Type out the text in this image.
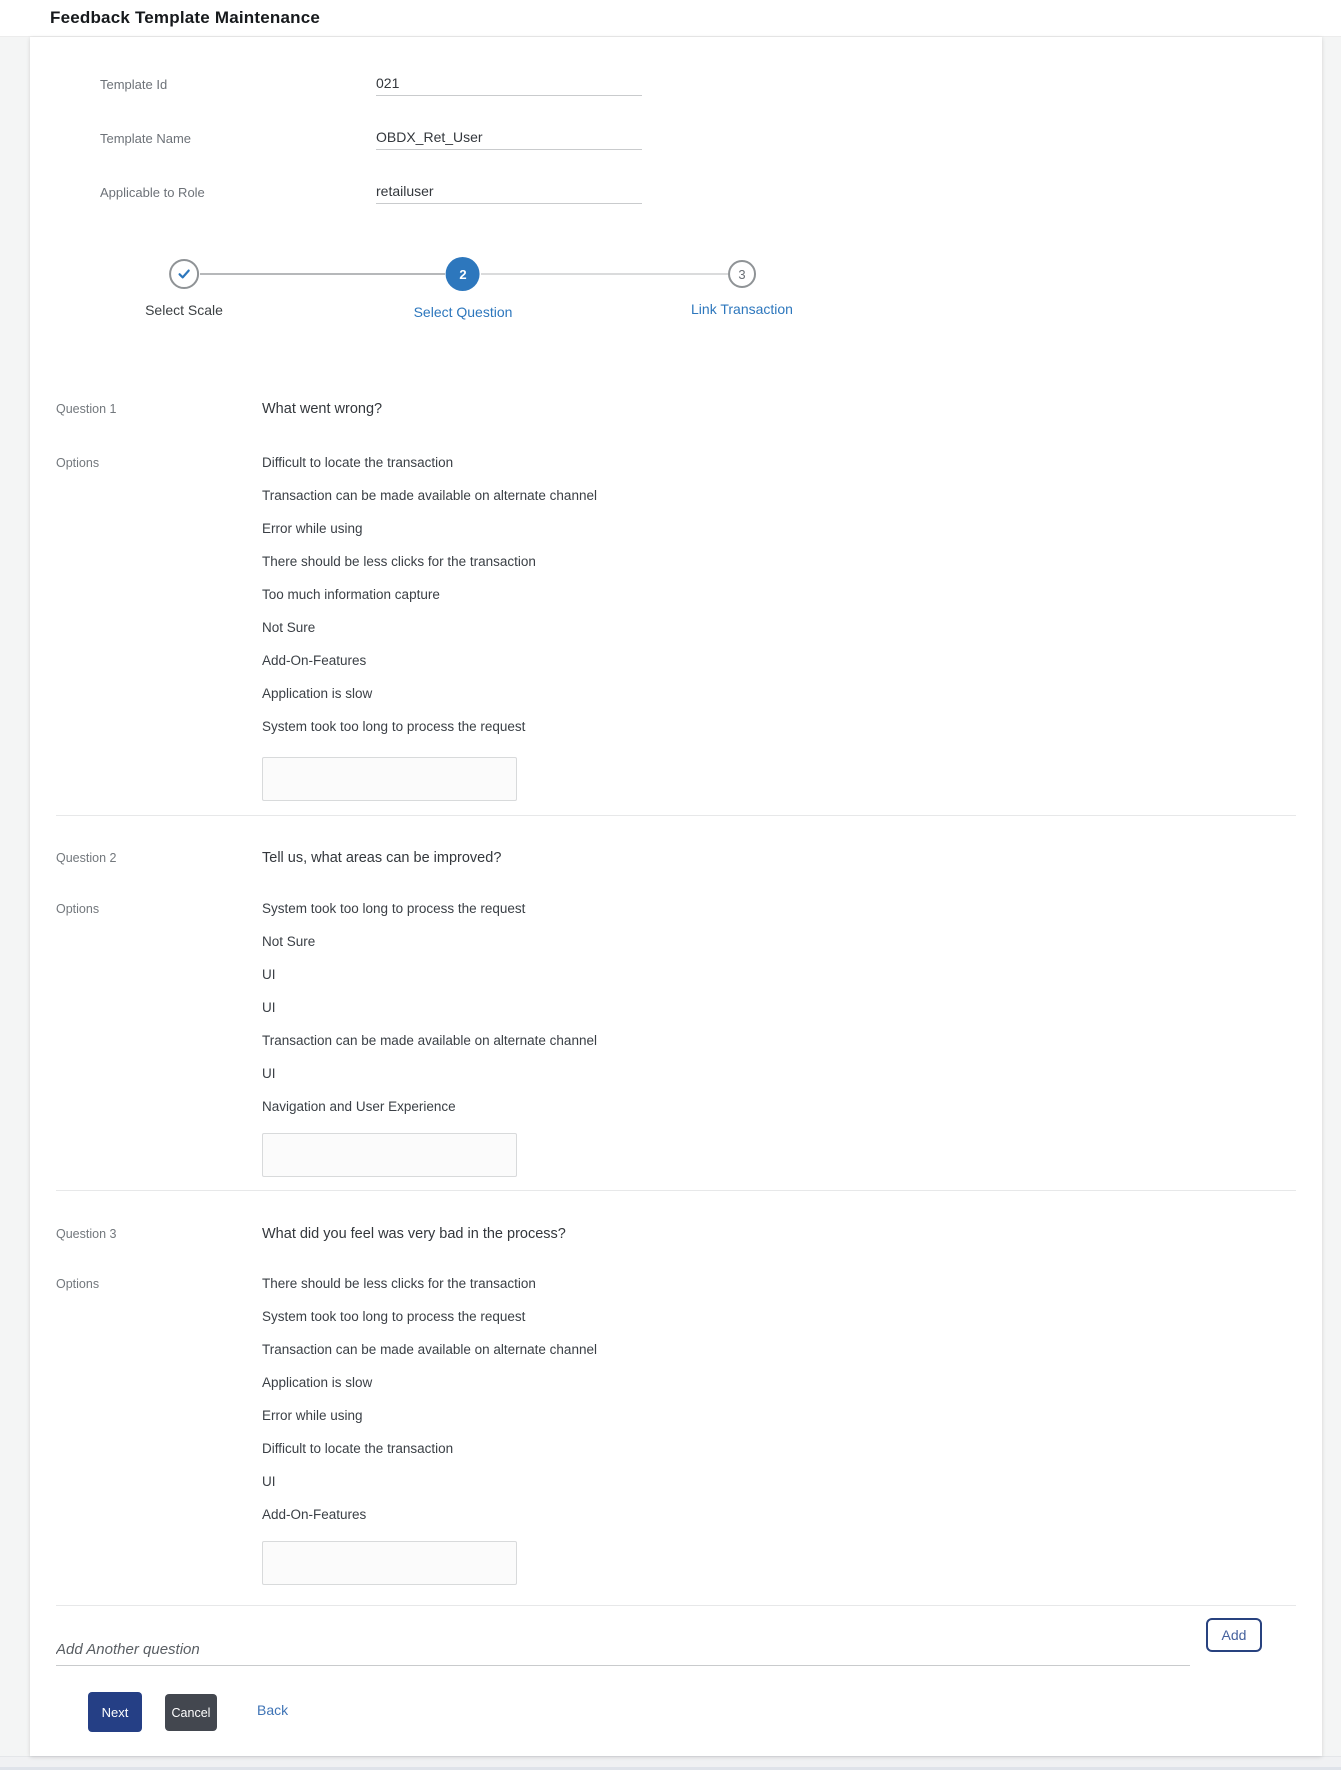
Feedback Template Maintenance
Template Id	021
Template Name	OBDX_Ret_User
Applicable to Role	retailuser
Select Scale
2
Select Question
3
Link Transaction
Question 1	What went wrong?
Options	Difficult to locate the transaction
Transaction can be made available on alternate channel
Error while using
There should be less clicks for the transaction
Too much information capture
Not Sure
Add-On-Features
Application is slow
System took too long to process the request
Question 2	Tell us, what areas can be improved?
Options	System took too long to process the request
Not Sure
UI
UI
Transaction can be made available on alternate channel
UI
Navigation and User Experience
Question 3	What did you feel was very bad in the process?
Options	There should be less clicks for the transaction
System took too long to process the request
Transaction can be made available on alternate channel
Application is slow
Error while using
Difficult to locate the transaction
UI
Add-On-Features
Add Another question
Add
Next	Cancel	Back
